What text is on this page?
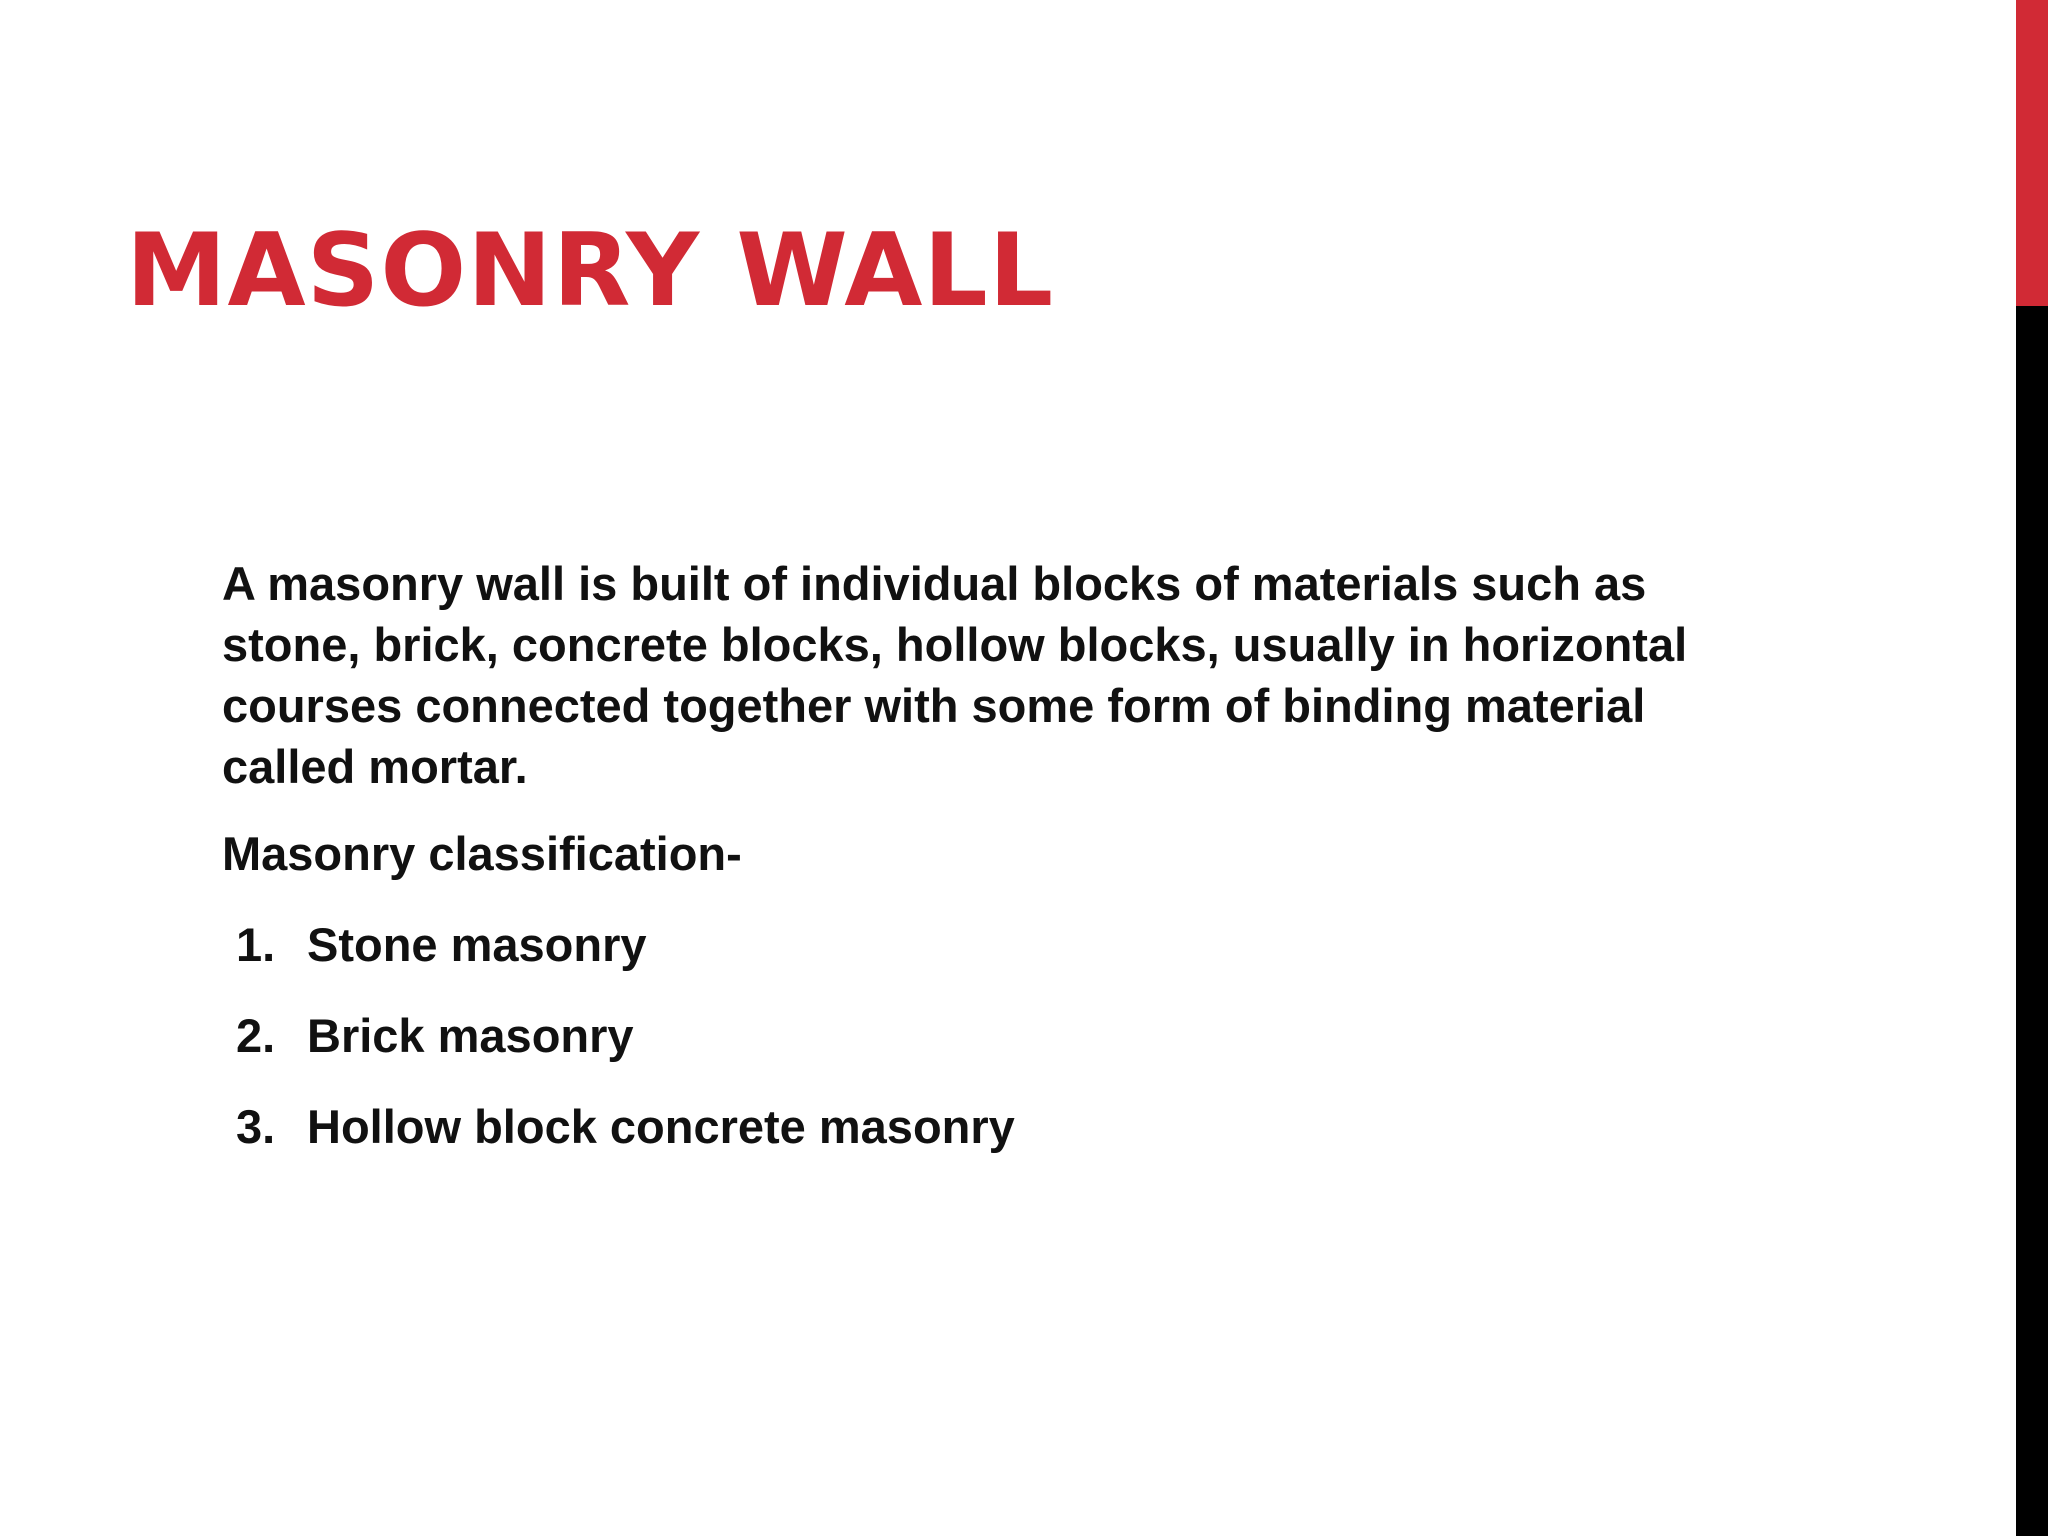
MASONRY WALL

A masonry wall is built of individual blocks of materials such as
stone, brick, concrete blocks, hollow blocks, usually in horizontal
courses connected together with some form of binding material
called mortar.

Masonry classification-

1. Stone masonry
2. Brick masonry
3. Hollow block concrete masonry
